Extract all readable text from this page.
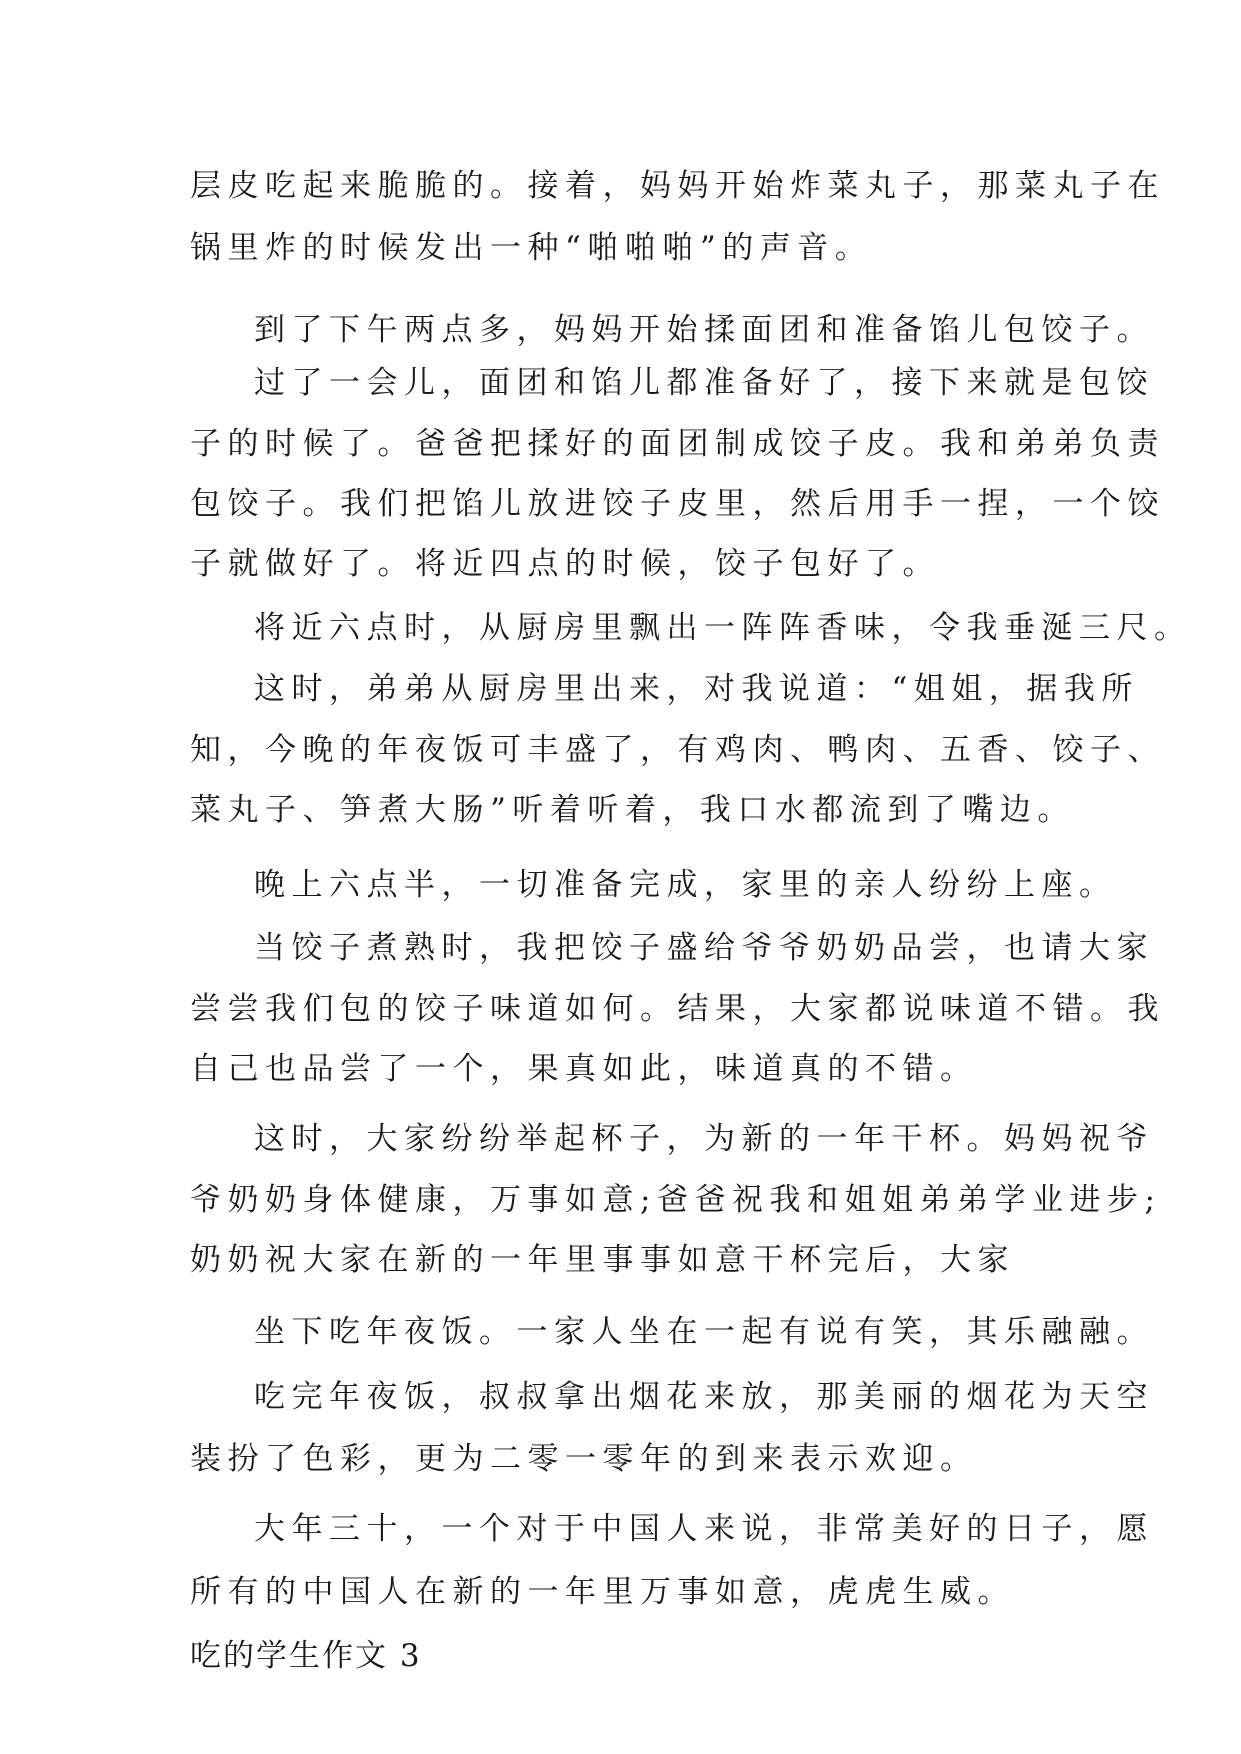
层皮吃起来脆脆的。接着，妈妈开始炸菜丸子，那菜丸子在
锅里炸的时候发出一种“啪啪啪”的声音。
到了下午两点多，妈妈开始揉面团和准备馅儿包饺子。
过了一会儿，面团和馅儿都准备好了，接下来就是包饺
子的时候了。爸爸把揉好的面团制成饺子皮。我和弟弟负责
包饺子。我们把馅儿放进饺子皮里，然后用手一捏，一个饺
子就做好了。将近四点的时候，饺子包好了。
将近六点时，从厨房里飘出一阵阵香味，令我垂涎三尺。
这时，弟弟从厨房里出来，对我说道：“姐姐，据我所
知，今晚的年夜饭可丰盛了，有鸡肉、鸭肉、五香、饺子、
菜丸子、笋煮大肠”听着听着，我口水都流到了嘴边。
晚上六点半，一切准备完成，家里的亲人纷纷上座。
当饺子煮熟时，我把饺子盛给爷爷奶奶品尝，也请大家
尝尝我们包的饺子味道如何。结果，大家都说味道不错。我
自己也品尝了一个，果真如此，味道真的不错。
这时，大家纷纷举起杯子，为新的一年干杯。妈妈祝爷
爷奶奶身体健康，万事如意;爸爸祝我和姐姐弟弟学业进步;
奶奶祝大家在新的一年里事事如意干杯完后，大家
坐下吃年夜饭。一家人坐在一起有说有笑，其乐融融。
吃完年夜饭，叔叔拿出烟花来放，那美丽的烟花为天空
装扮了色彩，更为二零一零年的到来表示欢迎。
大年三十，一个对于中国人来说，非常美好的日子，愿
所有的中国人在新的一年里万事如意，虎虎生威。
吃的学生作文 3
